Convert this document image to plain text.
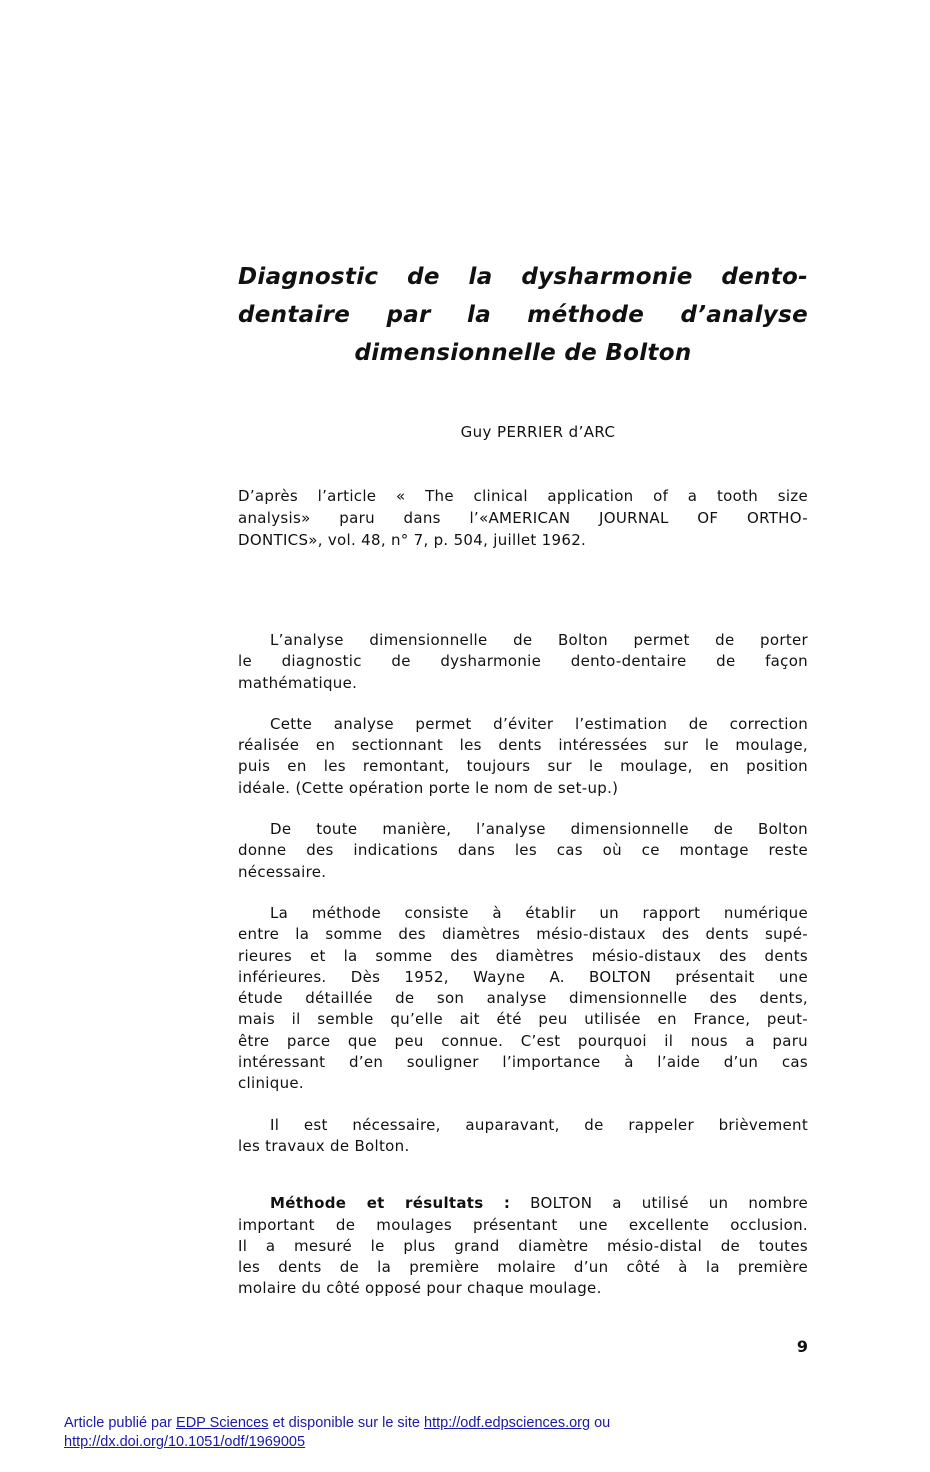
Diagnostic de la dysharmonie dento-
dentaire par la méthode d’analyse
dimensionnelle de Bolton
Guy PERRIER d’ARC
D’après l’article « The clinical application of a tooth size
analysis» paru dans l’«AMERICAN JOURNAL OF ORTHO-
DONTICS», vol. 48, n° 7, p. 504, juillet 1962.

L’analyse dimensionnelle de Bolton permet de porter
le diagnostic de dysharmonie dento-dentaire de façon
mathématique.

Cette analyse permet d’éviter l’estimation de correction
réalisée en sectionnant les dents intéressées sur le moulage,
puis en les remontant, toujours sur le moulage, en position
idéale. (Cette opération porte le nom de set-up.)

De toute manière, l’analyse dimensionnelle de Bolton
donne des indications dans les cas où ce montage reste
nécessaire.

La méthode consiste à établir un rapport numérique
entre la somme des diamètres mésio-distaux des dents supé-
rieures et la somme des diamètres mésio-distaux des dents
inférieures. Dès 1952, Wayne A. BOLTON présentait une
étude détaillée de son analyse dimensionnelle des dents,
mais il semble qu’elle ait été peu utilisée en France, peut-
être parce que peu connue. C’est pourquoi il nous a paru
intéressant d’en souligner l’importance à l’aide d’un cas
clinique.

Il est nécessaire, auparavant, de rappeler brièvement
les travaux de Bolton.

Méthode et résultats : BOLTON a utilisé un nombre
important de moulages présentant une excellente occlusion.
Il a mesuré le plus grand diamètre mésio-distal de toutes
les dents de la première molaire d’un côté à la première
molaire du côté opposé pour chaque moulage.

9
Article publié par EDP Sciences et disponible sur le site http://odf.edpsciences.org ou
http://dx.doi.org/10.1051/odf/1969005
